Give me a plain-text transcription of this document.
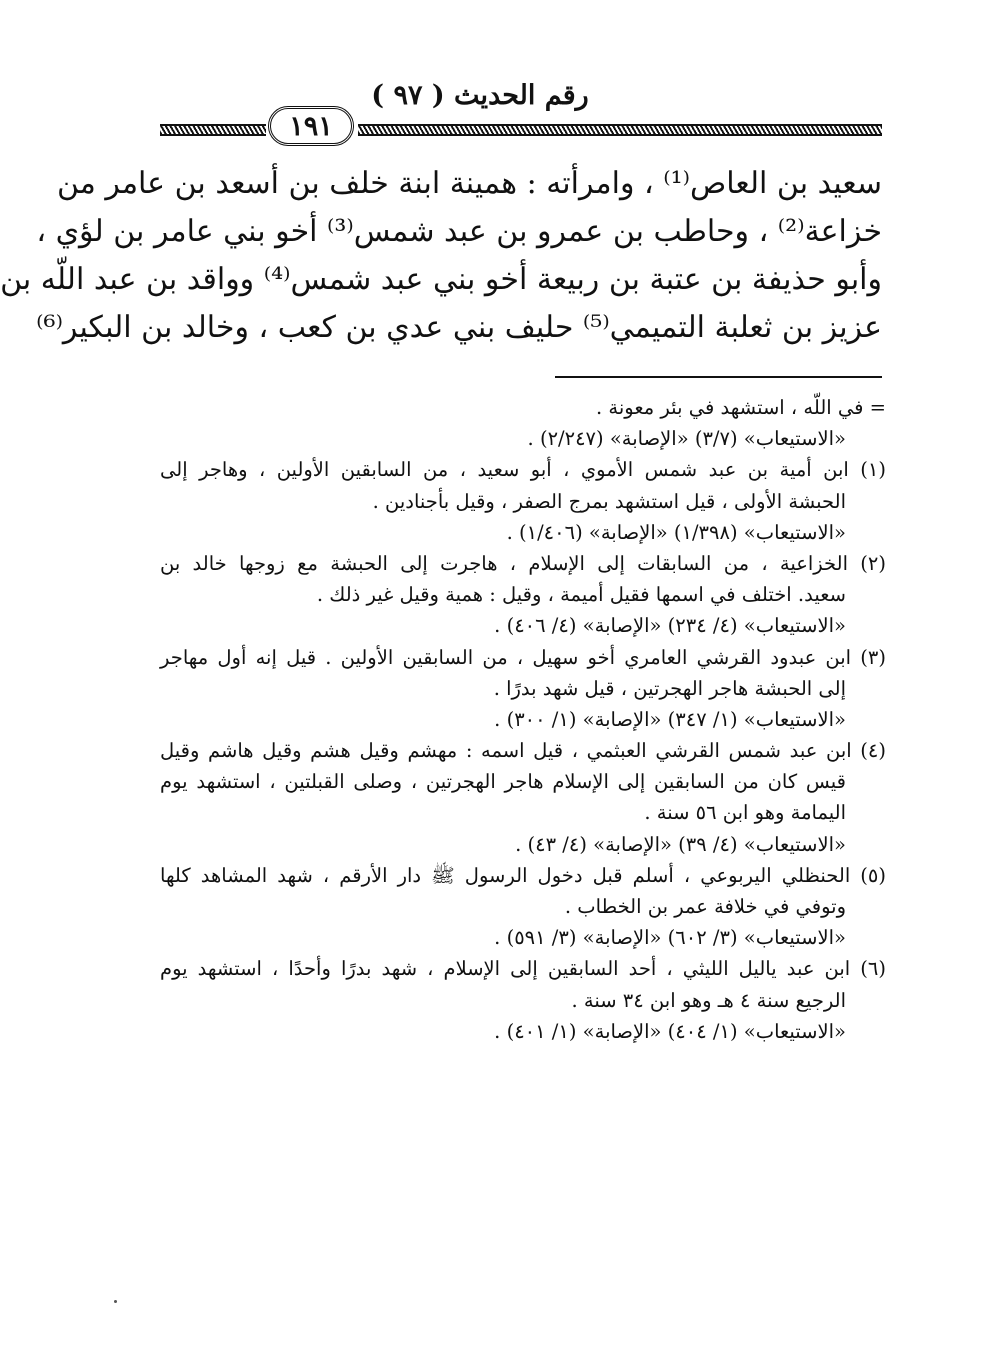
رقم الحديث ( ٩٧ )
١٩١
سعيد بن العاص⁽¹⁾ ، وامرأته : همينة ابنة خلف بن أسعد بن عامر من
خزاعة⁽²⁾ ، وحاطب بن عمرو بن عبد شمس⁽³⁾ أخو بني عامر بن لؤي ،
وأبو حذيفة بن عتبة بن ربيعة أخو بني عبد شمس⁽⁴⁾ وواقد بن عبد اللّه بن
عزيز بن ثعلبة التميمي⁽⁵⁾ حليف بني عدي بن كعب ، وخالد بن البكير⁽⁶⁾
= في اللّه ، استشهد في بئر معونة .
«الاستيعاب» (٣/٧) «الإصابة» (٢/٢٤٧) .
(١) ابن أمية بن عبد شمس الأموي ، أبو سعيد ، من السابقين الأولين ، وهاجر إلى
الحبشة الأولى ، قيل استشهد بمرج الصفر ، وقيل بأجنادين .
«الاستيعاب» (١/٣٩٨) «الإصابة» (١/٤٠٦) .
(٢) الخزاعية ، من السابقات إلى الإسلام ، هاجرت إلى الحبشة مع زوجها خالد بن
سعيد. اختلف في اسمها فقيل أميمة ، وقيل : همية وقيل غير ذلك .
«الاستيعاب» (٤/ ٢٣٤) «الإصابة» (٤/ ٤٠٦) .
(٣) ابن عبدود القرشي العامري أخو سهيل ، من السابقين الأولين . قيل إنه أول مهاجر
إلى الحبشة هاجر الهجرتين ، قيل شهد بدرًا .
«الاستيعاب» (١/ ٣٤٧) «الإصابة» (١/ ٣٠٠) .
(٤) ابن عبد شمس القرشي العبثمي ، قيل اسمه : مهشم وقيل هشم وقيل هاشم وقيل
قيس كان من السابقين إلى الإسلام هاجر الهجرتين ، وصلى القبلتين ، استشهد يوم
اليمامة وهو ابن ٥٦ سنة .
«الاستيعاب» (٤/ ٣٩) «الإصابة» (٤/ ٤٣) .
(٥) الحنظلي اليربوعي ، أسلم قبل دخول الرسول ﷺ دار الأرقم ، شهد المشاهد كلها
وتوفي في خلافة عمر بن الخطاب .
«الاستيعاب» (٣/ ٦٠٢) «الإصابة» (٣/ ٥٩١) .
(٦) ابن عبد ياليل الليثي ، أحد السابقين إلى الإسلام ، شهد بدرًا وأحدًا ، استشهد يوم
الرجيع سنة ٤ هـ وهو ابن ٣٤ سنة .
«الاستيعاب» (١/ ٤٠٤) «الإصابة» (١/ ٤٠١) .
